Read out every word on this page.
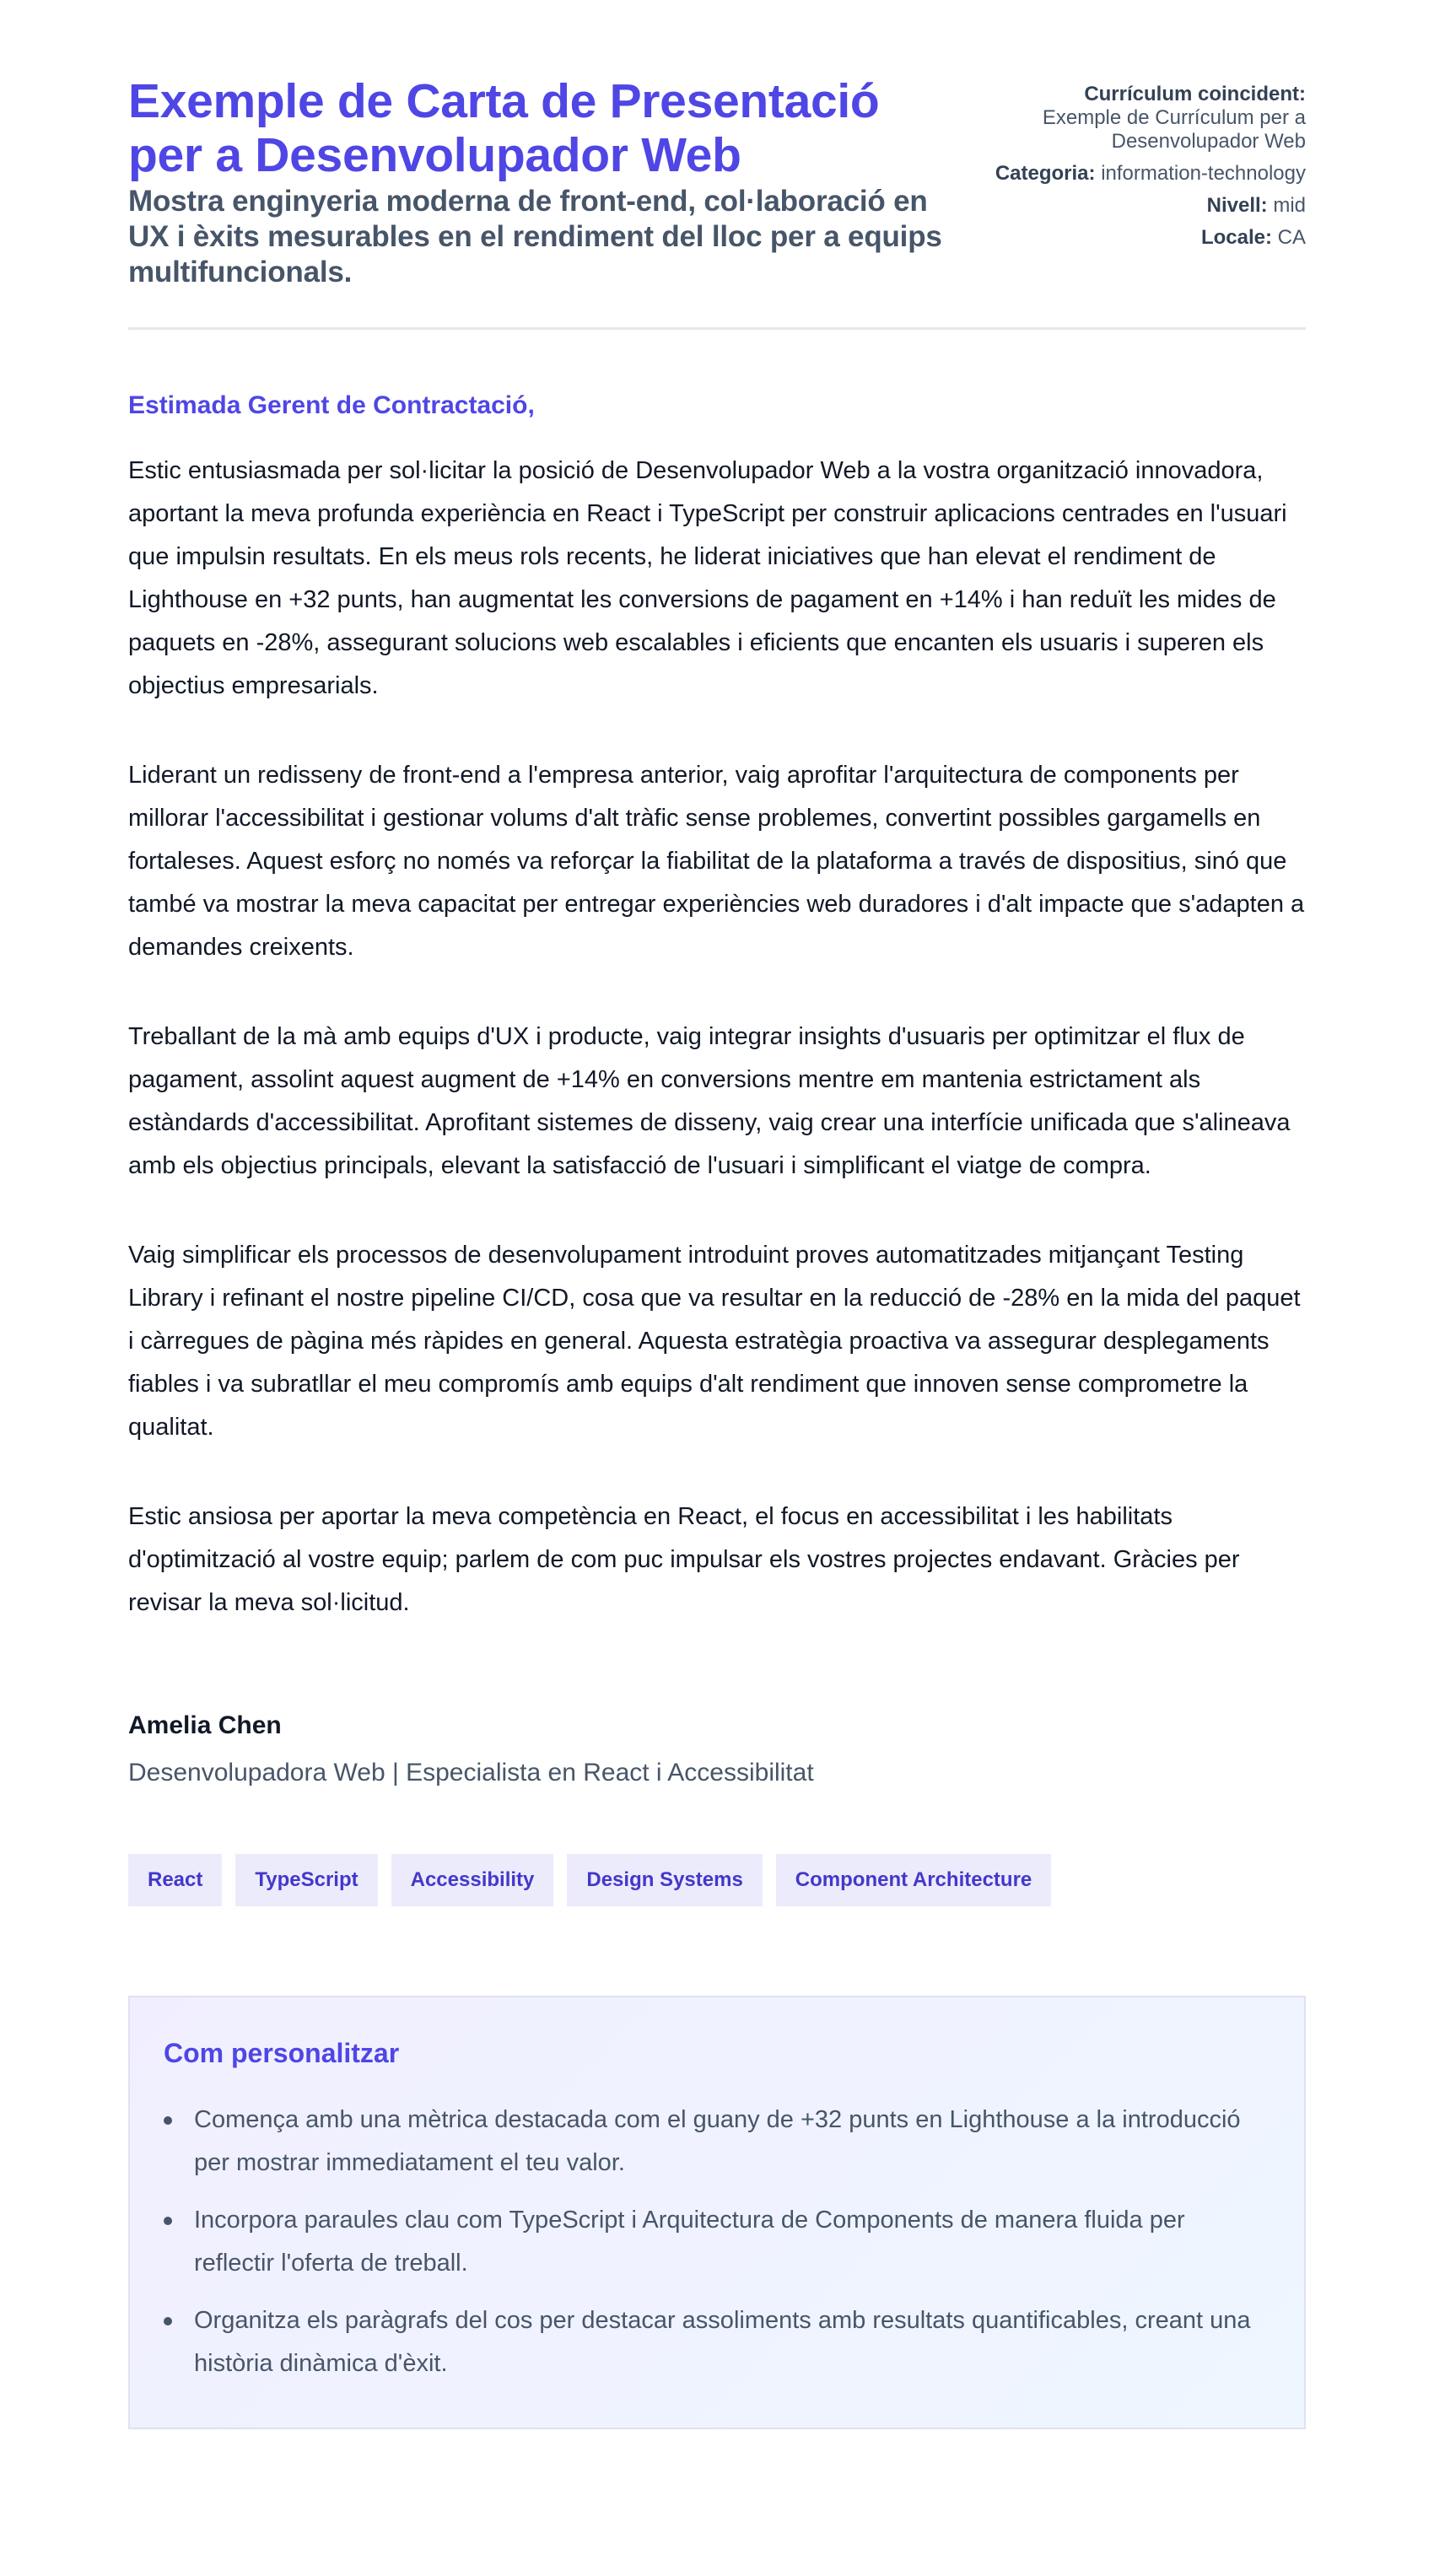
Exemple de Carta de Presentació per a Desenvolupador Web

Mostra enginyeria moderna de front-end, col·laboració en UX i èxits mesurables en el rendiment del lloc per a equips multifuncionals.

Currículum coincident:
Exemple de Currículum per a Desenvolupador Web
Categoria: information-technology
Nivell: mid
Locale: CA
Estimada Gerent de Contractació,

Estic entusiasmada per sol·licitar la posició de Desenvolupador Web a la vostra organització innovadora, aportant la meva profunda experiència en React i TypeScript per construir aplicacions centrades en l'usuari que impulsin resultats. En els meus rols recents, he liderat iniciatives que han elevat el rendiment de Lighthouse en +32 punts, han augmentat les conversions de pagament en +14% i han reduït les mides de paquets en -28%, assegurant solucions web escalables i eficients que encanten els usuaris i superen els objectius empresarials.

Liderant un redisseny de front-end a l'empresa anterior, vaig aprofitar l'arquitectura de components per millorar l'accessibilitat i gestionar volums d'alt tràfic sense problemes, convertint possibles gargamells en fortaleses. Aquest esforç no només va reforçar la fiabilitat de la plataforma a través de dispositius, sinó que també va mostrar la meva capacitat per entregar experiències web duradores i d'alt impacte que s'adapten a demandes creixents.

Treballant de la mà amb equips d'UX i producte, vaig integrar insights d'usuaris per optimitzar el flux de pagament, assolint aquest augment de +14% en conversions mentre em mantenia estrictament als estàndards d'accessibilitat. Aprofitant sistemes de disseny, vaig crear una interfície unificada que s'alineava amb els objectius principals, elevant la satisfacció de l'usuari i simplificant el viatge de compra.

Vaig simplificar els processos de desenvolupament introduint proves automatitzades mitjançant Testing Library i refinant el nostre pipeline CI/CD, cosa que va resultar en la reducció de -28% en la mida del paquet i càrregues de pàgina més ràpides en general. Aquesta estratègia proactiva va assegurar desplegaments fiables i va subratllar el meu compromís amb equips d'alt rendiment que innoven sense comprometre la qualitat.

Estic ansiosa per aportar la meva competència en React, el focus en accessibilitat i les habilitats d'optimització al vostre equip; parlem de com puc impulsar els vostres projectes endavant. Gràcies per revisar la meva sol·licitud.

Amelia Chen
Desenvolupadora Web | Especialista en React i Accessibilitat
React	TypeScript	Accessibility	Design Systems	Component Architecture
Com personalitzar
Comença amb una mètrica destacada com el guany de +32 punts en Lighthouse a la introducció per mostrar immediatament el teu valor.
Incorpora paraules clau com TypeScript i Arquitectura de Components de manera fluida per reflectir l'oferta de treball.
Organitza els paràgrafs del cos per destacar assoliments amb resultats quantificables, creant una història dinàmica d'èxit.
